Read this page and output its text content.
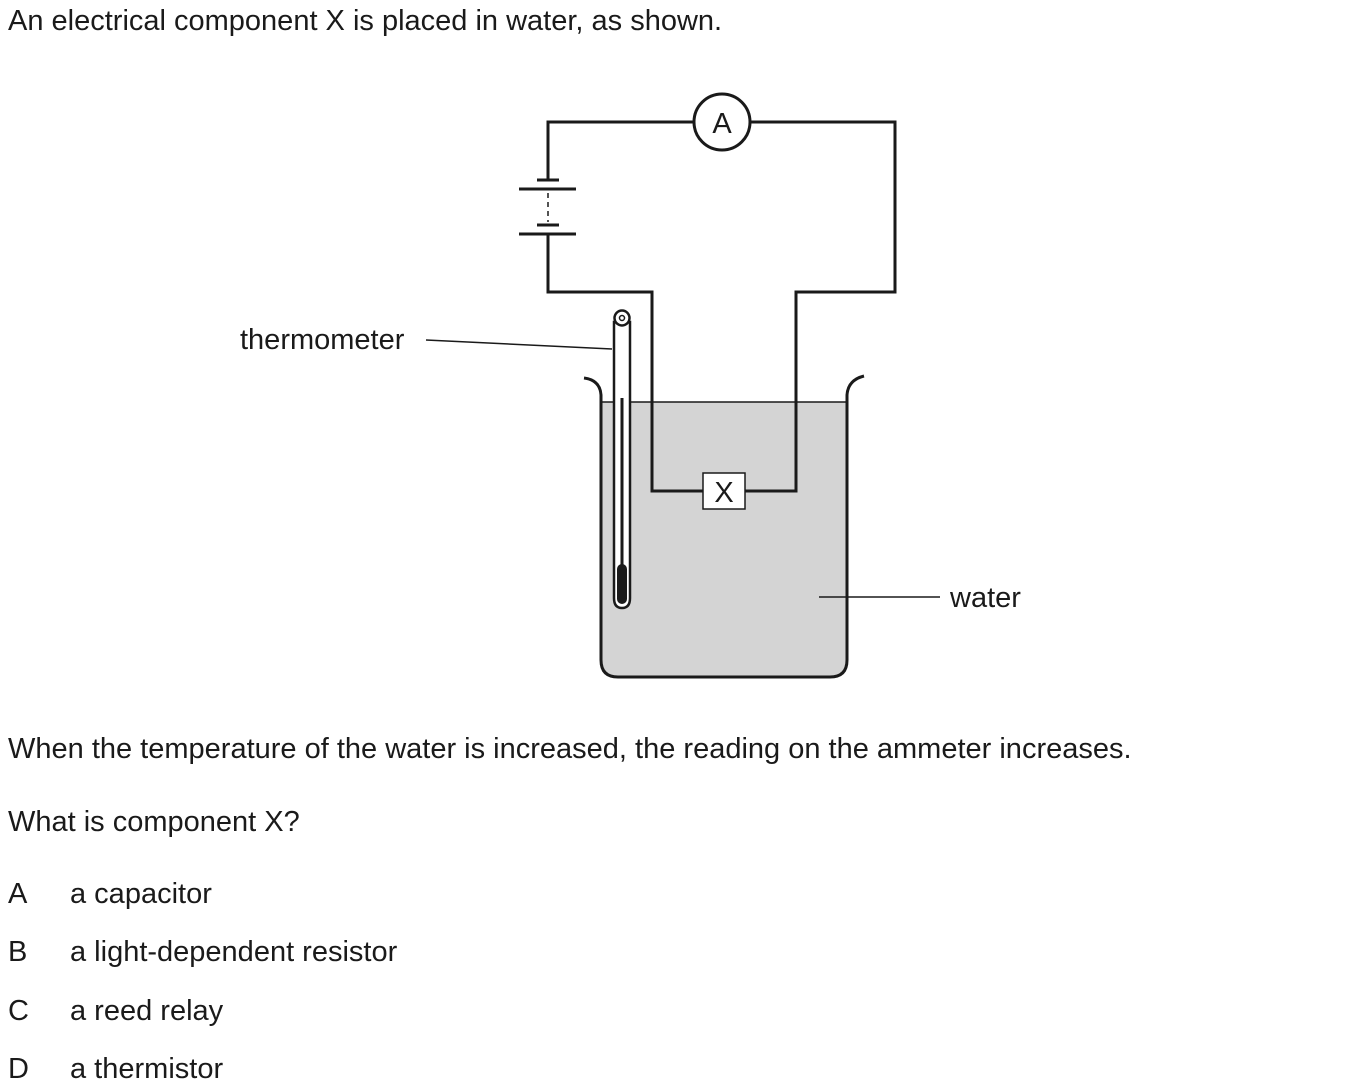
An electrical component X is placed in water, as shown.
A
X
thermometer
water
When the temperature of the water is increased, the reading on the ammeter increases.
What is component X?
A a capacitor
B a light-dependent resistor
C a reed relay
D a thermistor
